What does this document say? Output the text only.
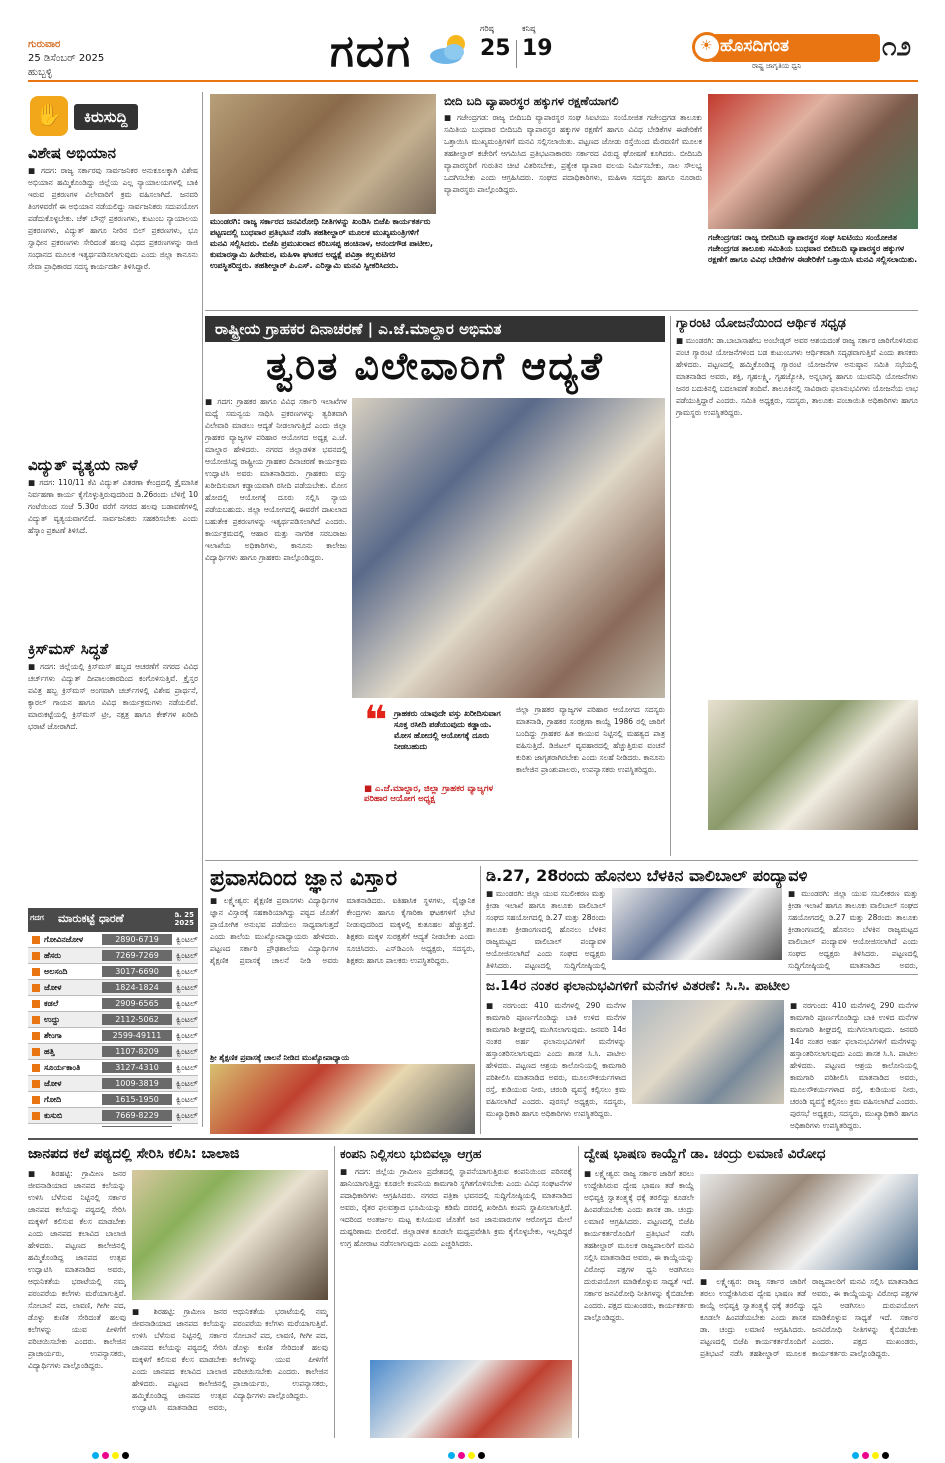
ಗುರುವಾರ
25 ಡಿಸೆಂಬರ್ 2025
ಹುಬ್ಬಳ್ಳಿ	ಗದಗ	ಗರಿಷ್ಠ
25
ಕನಿಷ್ಠ
19	☀ ಹೊಸದಿಗಂತ
ರಾಷ್ಟ್ರ ಜಾಗೃತಿಯ ಧ್ವನಿ
೧೨
✋	ಕಿರುಸುದ್ದಿ
ವಿಶೇಷ ಅಭಿಯಾನ

■ ಗದಗ: ರಾಜ್ಯ ಸರ್ಕಾರವು ಸಾರ್ವಜನಿಕರ ಅನುಕೂಲಕ್ಕಾಗಿ ವಿಶೇಷ ಅಭಿಯಾನ ಹಮ್ಮಿಕೊಂಡಿದ್ದು ಜಿಲ್ಲೆಯ ಎಲ್ಲ ನ್ಯಾಯಾಲಯಗಳಲ್ಲಿ ಬಾಕಿ ಇರುವ ಪ್ರಕರಣಗಳ ವಿಲೇವಾರಿಗೆ ಕ್ರಮ ವಹಿಸಲಾಗಿದೆ. ಜನವರಿ ತಿಂಗಳವರೆಗೆ ಈ ಅಭಿಯಾನ ನಡೆಯಲಿದ್ದು ಸಾರ್ವಜನಿಕರು ಸದುಪಯೋಗ ಪಡೆದುಕೊಳ್ಳಬೇಕು. ಚೆಕ್ ಬೌನ್ಸ್ ಪ್ರಕರಣಗಳು, ಕುಟುಂಬ ನ್ಯಾಯಾಲಯ ಪ್ರಕರಣಗಳು, ವಿದ್ಯುತ್ ಹಾಗೂ ನೀರಿನ ಬಿಲ್ ಪ್ರಕರಣಗಳು, ಭೂ ಸ್ವಾಧೀನ ಪ್ರಕರಣಗಳು ಸೇರಿದಂತೆ ಹಲವು ವಿಧದ ಪ್ರಕರಣಗಳನ್ನು ರಾಜಿ ಸಂಧಾನದ ಮೂಲಕ ಇತ್ಯರ್ಥಪಡಿಸಲಾಗುವುದು ಎಂದು ಜಿಲ್ಲಾ ಕಾನೂನು ಸೇವಾ ಪ್ರಾಧಿಕಾರದ ಸದಸ್ಯ ಕಾರ್ಯದರ್ಶಿ ತಿಳಿಸಿದ್ದಾರೆ.

ವಿದ್ಯುತ್ ವ್ಯತ್ಯಯ ನಾಳೆ

■ ಗದಗ: 110/11 ಕೆವಿ ವಿದ್ಯುತ್ ವಿತರಣಾ ಕೇಂದ್ರದಲ್ಲಿ ತ್ರೈಮಾಸಿಕ ನಿರ್ವಹಣಾ ಕಾರ್ಯ ಕೈಗೊಳ್ಳುತ್ತಿರುವುದರಿಂದ ಡಿ.26ರಂದು ಬೆಳಿಗ್ಗೆ 10 ಗಂಟೆಯಿಂದ ಸಂಜೆ 5.30ರ ವರೆಗೆ ನಗರದ ಹಲವು ಬಡಾವಣೆಗಳಲ್ಲಿ ವಿದ್ಯುತ್ ವ್ಯತ್ಯಯವಾಗಲಿದೆ. ಸಾರ್ವಜನಿಕರು ಸಹಕರಿಸಬೇಕು ಎಂದು ಹೆಸ್ಕಾಂ ಪ್ರಕಟಣೆ ತಿಳಿಸಿದೆ.

ಕ್ರಿಸ್‌ಮಸ್ ಸಿದ್ಧತೆ

■ ಗದಗ: ಜಿಲ್ಲೆಯಲ್ಲಿ ಕ್ರಿಸ್‌ಮಸ್ ಹಬ್ಬದ ಆಚರಣೆಗೆ ನಗರದ ವಿವಿಧ ಚರ್ಚ್‌ಗಳು ವಿದ್ಯುತ್ ದೀಪಾಲಂಕಾರದಿಂದ ಕಂಗೊಳಿಸುತ್ತಿವೆ. ಕ್ರೈಸ್ತರ ಪವಿತ್ರ ಹಬ್ಬ ಕ್ರಿಸ್‌ಮಸ್ ಅಂಗವಾಗಿ ಚರ್ಚ್‌ಗಳಲ್ಲಿ ವಿಶೇಷ ಪ್ರಾರ್ಥನೆ, ಕ್ಯಾರಲ್ ಗಾಯನ ಹಾಗೂ ವಿವಿಧ ಕಾರ್ಯಕ್ರಮಗಳು ನಡೆಯಲಿವೆ. ಮಾರುಕಟ್ಟೆಯಲ್ಲಿ ಕ್ರಿಸ್‌ಮಸ್ ಟ್ರೀ, ನಕ್ಷತ್ರ ಹಾಗೂ ಕೇಕ್‌ಗಳ ಖರೀದಿ ಭರಾಟೆ ಜೋರಾಗಿದೆ.

ಗದಗ ಮಾರುಕಟ್ಟೆ ಧಾರಣೆ	ಡಿ. 25
2025
ಗೋವಿನಜೋಳ	2890-6719	ಕ್ವಿಂಟಲ್
ಹೆಸರು	7269-7269	ಕ್ವಿಂಟಲ್
ಅಲಸಂದಿ	3017-6690	ಕ್ವಿಂಟಲ್
ಜೋಳ	1824-1824	ಕ್ವಿಂಟಲ್
ಕಡಲೆ	2909-6565	ಕ್ವಿಂಟಲ್
ಉದ್ದು	2112-5062	ಕ್ವಿಂಟಲ್
ಶೇಂಗಾ	2599-49111	ಕ್ವಿಂಟಲ್
ಹತ್ತಿ	1107-8209	ಕ್ವಿಂಟಲ್
ಸೂರ್ಯಕಾಂತಿ	3127-4310	ಕ್ವಿಂಟಲ್
ಜೋಳ	1009-3819	ಕ್ವಿಂಟಲ್
ಗೋದಿ	1615-1950	ಕ್ವಿಂಟಲ್
ಕುಸುಬಿ	7669-8229	ಕ್ವಿಂಟಲ್
ಮುಂಡರಗಿ: ರಾಜ್ಯ ಸರ್ಕಾರದ ಜನವಿರೋಧಿ ನೀತಿಗಳನ್ನು ಖಂಡಿಸಿ ಬಿಜೆಪಿ ಕಾರ್ಯಕರ್ತರು ಪಟ್ಟಣದಲ್ಲಿ ಬುಧವಾರ ಪ್ರತಿಭಟನೆ ನಡೆಸಿ ತಹಶೀಲ್ದಾರ್ ಮೂಲಕ ಮುಖ್ಯಮಂತ್ರಿಗಳಿಗೆ ಮನವಿ ಸಲ್ಲಿಸಿದರು. ಬಿಜೆಪಿ ಪ್ರಮುಖರಾದ ಕರಿಬಸಪ್ಪ ಹಂಚಿನಾಳ, ಆನಂದಗೌಡ ಪಾಟೀಲ, ಕುಮಾರಸ್ವಾಮಿ ಹಿರೇಮಠ, ಮಹಿಳಾ ಘಟಕದ ಅಧ್ಯಕ್ಷೆ ಪವಿತ್ರಾ ಕಲ್ಲಕುಟಿಗರ ಉಪಸ್ಥಿತರಿದ್ದರು. ತಹಶೀಲ್ದಾರ್ ಪಿ.ಎಸ್. ಎರಿಸ್ವಾಮಿ ಮನವಿ ಸ್ವೀಕರಿಸಿದರು.
ಬೀದಿ ಬದಿ ವ್ಯಾಪಾರಸ್ಥರ ಹಕ್ಕುಗಳ ರಕ್ಷಣೆಯಾಗಲಿ
■ ಗಜೇಂದ್ರಗಡ: ರಾಜ್ಯ ಬೀದಿಬದಿ ವ್ಯಾಪಾರಸ್ಥರ ಸಂಘ ಸಿಐಟಿಯು ಸಂಯೋಜಿತ ಗಜೇಂದ್ರಗಡ ತಾಲೂಕು ಸಮಿತಿಯ ಬುಧವಾರ ಬೀದಿಬದಿ ವ್ಯಾಪಾರಸ್ಥರ ಹಕ್ಕುಗಳ ರಕ್ಷಣೆಗೆ ಹಾಗೂ ವಿವಿಧ ಬೇಡಿಕೆಗಳ ಈಡೇರಿಕೆಗೆ ಒತ್ತಾಯಿಸಿ ಮುಖ್ಯಮಂತ್ರಿಗಳಿಗೆ ಮನವಿ ಸಲ್ಲಿಸಲಾಯಿತು. ಪಟ್ಟಣದ ಜೋಡು ರಸ್ತೆಯಿಂದ ಮೆರವಣಿಗೆ ಮೂಲಕ ತಹಶೀಲ್ದಾರ್ ಕಚೇರಿಗೆ ಆಗಮಿಸಿದ ಪ್ರತಿಭಟನಾಕಾರರು ಸರ್ಕಾರದ ವಿರುದ್ಧ ಘೋಷಣೆ ಕೂಗಿದರು. ಬೀದಿಬದಿ ವ್ಯಾಪಾರಸ್ಥರಿಗೆ ಗುರುತಿನ ಚೀಟಿ ವಿತರಿಸಬೇಕು, ಪ್ರತ್ಯೇಕ ವ್ಯಾಪಾರ ವಲಯ ನಿರ್ಮಿಸಬೇಕು, ಸಾಲ ಸೌಲಭ್ಯ ಒದಗಿಸಬೇಕು ಎಂದು ಆಗ್ರಹಿಸಿದರು. ಸಂಘದ ಪದಾಧಿಕಾರಿಗಳು, ಮಹಿಳಾ ಸದಸ್ಯರು ಹಾಗೂ ನೂರಾರು ವ್ಯಾಪಾರಸ್ಥರು ಪಾಲ್ಗೊಂಡಿದ್ದರು.
ಗಜೇಂದ್ರಗಡ: ರಾಜ್ಯ ಬೀದಿಬದಿ ವ್ಯಾಪಾರಸ್ಥರ ಸಂಘ ಸಿಐಟಿಯು ಸಂಯೋಜಿತ ಗಜೇಂದ್ರಗಡ ತಾಲೂಕು ಸಮಿತಿಯ ಬುಧವಾರ ಬೀದಿಬದಿ ವ್ಯಾಪಾರಸ್ಥರ ಹಕ್ಕುಗಳ ರಕ್ಷಣೆಗೆ ಹಾಗೂ ವಿವಿಧ ಬೇಡಿಕೆಗಳ ಈಡೇರಿಕೆಗೆ ಒತ್ತಾಯಿಸಿ ಮನವಿ ಸಲ್ಲಿಸಲಾಯಿತು.
ರಾಷ್ಟ್ರೀಯ ಗ್ರಾಹಕರ ದಿನಾಚರಣೆ | ಎ.ಜೆ.ಮಾಲ್ದಾರ ಅಭಿಮತ
ತ್ವರಿತ ವಿಲೇವಾರಿಗೆ ಆದ್ಯತೆ
■ ಗದಗ: ಗ್ರಾಹಕರ ಹಾಗೂ ವಿವಿಧ ಸರ್ಕಾರಿ ಇಲಾಖೆಗಳ ಮಧ್ಯೆ ಸಮನ್ವಯ ಸಾಧಿಸಿ ಪ್ರಕರಣಗಳನ್ನು ತ್ವರಿತವಾಗಿ ವಿಲೇವಾರಿ ಮಾಡಲು ಆದ್ಯತೆ ನೀಡಲಾಗುತ್ತಿದೆ ಎಂದು ಜಿಲ್ಲಾ ಗ್ರಾಹಕರ ವ್ಯಾಜ್ಯಗಳ ಪರಿಹಾರ ಆಯೋಗದ ಅಧ್ಯಕ್ಷ ಎ.ಜೆ. ಮಾಲ್ದಾರ ಹೇಳಿದರು. ನಗರದ ಜಿಲ್ಲಾಡಳಿತ ಭವನದಲ್ಲಿ ಆಯೋಜಿಸಿದ್ದ ರಾಷ್ಟ್ರೀಯ ಗ್ರಾಹಕರ ದಿನಾಚರಣೆ ಕಾರ್ಯಕ್ರಮ ಉದ್ಘಾಟಿಸಿ ಅವರು ಮಾತನಾಡಿದರು. ಗ್ರಾಹಕರು ವಸ್ತು ಖರೀದಿಸುವಾಗ ಕಡ್ಡಾಯವಾಗಿ ರಸೀದಿ ಪಡೆಯಬೇಕು. ಮೋಸ ಹೋದಲ್ಲಿ ಆಯೋಗಕ್ಕೆ ದೂರು ಸಲ್ಲಿಸಿ ನ್ಯಾಯ ಪಡೆಯಬಹುದು. ಜಿಲ್ಲಾ ಆಯೋಗದಲ್ಲಿ ಈವರೆಗೆ ದಾಖಲಾದ ಬಹುತೇಕ ಪ್ರಕರಣಗಳನ್ನು ಇತ್ಯರ್ಥಪಡಿಸಲಾಗಿದೆ ಎಂದರು. ಕಾರ್ಯಕ್ರಮದಲ್ಲಿ ಆಹಾರ ಮತ್ತು ನಾಗರಿಕ ಸರಬರಾಜು ಇಲಾಖೆಯ ಅಧಿಕಾರಿಗಳು, ಕಾನೂನು ಕಾಲೇಜು ವಿದ್ಯಾರ್ಥಿಗಳು ಹಾಗೂ ಗ್ರಾಹಕರು ಪಾಲ್ಗೊಂಡಿದ್ದರು.
❝ ಗ್ರಾಹಕರು ಯಾವುದೇ ವಸ್ತು ಖರೀದಿಸುವಾಗ ಸೂಕ್ತ ರಸೀದಿ ಪಡೆಯುವುದು ಕಡ್ಡಾಯ. ಮೋಸ ಹೋದಲ್ಲಿ ಆಯೋಗಕ್ಕೆ ದೂರು ನೀಡಬಹುದು
■ ಎ.ಜೆ.ಮಾಲ್ದಾರ, ಜಿಲ್ಲಾ ಗ್ರಾಹಕರ ವ್ಯಾಜ್ಯಗಳ ಪರಿಹಾರ ಆಯೋಗ ಅಧ್ಯಕ್ಷ
ಜಿಲ್ಲಾ ಗ್ರಾಹಕರ ವ್ಯಾಜ್ಯಗಳ ಪರಿಹಾರ ಆಯೋಗದ ಸದಸ್ಯರು ಮಾತನಾಡಿ, ಗ್ರಾಹಕರ ಸಂರಕ್ಷಣಾ ಕಾಯ್ದೆ 1986 ರಲ್ಲಿ ಜಾರಿಗೆ ಬಂದಿದ್ದು ಗ್ರಾಹಕರ ಹಿತ ಕಾಯುವ ನಿಟ್ಟಿನಲ್ಲಿ ಮಹತ್ವದ ಪಾತ್ರ ವಹಿಸುತ್ತಿದೆ. ಡಿಜಿಟಲ್ ವ್ಯವಹಾರದಲ್ಲಿ ಹೆಚ್ಚುತ್ತಿರುವ ವಂಚನೆ ಕುರಿತು ಜಾಗೃತರಾಗಿರಬೇಕು ಎಂದು ಸಲಹೆ ನೀಡಿದರು. ಕಾನೂನು ಕಾಲೇಜಿನ ಪ್ರಾಂಶುಪಾಲರು, ಉಪನ್ಯಾಸಕರು ಉಪಸ್ಥಿತರಿದ್ದರು.
ಗ್ಯಾರಂಟಿ ಯೋಜನೆಯಿಂದ ಆರ್ಥಿಕ ಸಧೃಢ
■ ಮುಂಡರಗಿ: ಡಾ.ಬಾಬಾಸಾಹೇಬ ಅಂಬೇಡ್ಕರ್ ಅವರ ಆಶಯದಂತೆ ರಾಜ್ಯ ಸರ್ಕಾರ ಜಾರಿಗೊಳಿಸಿರುವ ಪಂಚ ಗ್ಯಾರಂಟಿ ಯೋಜನೆಗಳಿಂದ ಬಡ ಕುಟುಂಬಗಳು ಆರ್ಥಿಕವಾಗಿ ಸದೃಢವಾಗುತ್ತಿವೆ ಎಂದು ಶಾಸಕರು ಹೇಳಿದರು. ಪಟ್ಟಣದಲ್ಲಿ ಹಮ್ಮಿಕೊಂಡಿದ್ದ ಗ್ಯಾರಂಟಿ ಯೋಜನೆಗಳ ಅನುಷ್ಠಾನ ಸಮಿತಿ ಸಭೆಯಲ್ಲಿ ಮಾತನಾಡಿದ ಅವರು, ಶಕ್ತಿ, ಗೃಹಲಕ್ಷ್ಮಿ, ಗೃಹಜ್ಯೋತಿ, ಅನ್ನಭಾಗ್ಯ ಹಾಗೂ ಯುವನಿಧಿ ಯೋಜನೆಗಳು ಜನರ ಬದುಕಿನಲ್ಲಿ ಬದಲಾವಣೆ ತಂದಿವೆ. ತಾಲೂಕಿನಲ್ಲಿ ಸಾವಿರಾರು ಫಲಾನುಭವಿಗಳು ಯೋಜನೆಯ ಲಾಭ ಪಡೆಯುತ್ತಿದ್ದಾರೆ ಎಂದರು. ಸಮಿತಿ ಅಧ್ಯಕ್ಷರು, ಸದಸ್ಯರು, ತಾಲೂಕು ಪಂಚಾಯಿತಿ ಅಧಿಕಾರಿಗಳು ಹಾಗೂ ಗ್ರಾಮಸ್ಥರು ಉಪಸ್ಥಿತರಿದ್ದರು.
ಪ್ರವಾಸದಿಂದ ಜ್ಞಾನ ವಿಸ್ತಾರ
■ ಲಕ್ಷ್ಮೇಶ್ವರ: ಶೈಕ್ಷಣಿಕ ಪ್ರವಾಸಗಳು ವಿದ್ಯಾರ್ಥಿಗಳ ಜ್ಞಾನ ವಿಸ್ತಾರಕ್ಕೆ ಸಹಕಾರಿಯಾಗಿದ್ದು ಪಠ್ಯದ ಜೊತೆಗೆ ಪ್ರಾಯೋಗಿಕ ಅನುಭವ ಪಡೆಯಲು ಸಾಧ್ಯವಾಗುತ್ತದೆ ಎಂದು ಶಾಲೆಯ ಮುಖ್ಯೋಪಾಧ್ಯಾಯರು ಹೇಳಿದರು. ಪಟ್ಟಣದ ಸರ್ಕಾರಿ ಪ್ರೌಢಶಾಲೆಯ ವಿದ್ಯಾರ್ಥಿಗಳ ಶೈಕ್ಷಣಿಕ ಪ್ರವಾಸಕ್ಕೆ ಚಾಲನೆ ನೀಡಿ ಅವರು ಮಾತನಾಡಿದರು. ಐತಿಹಾಸಿಕ ಸ್ಥಳಗಳು, ವೈಜ್ಞಾನಿಕ ಕೇಂದ್ರಗಳು ಹಾಗೂ ಕೈಗಾರಿಕಾ ಘಟಕಗಳಿಗೆ ಭೇಟಿ ನೀಡುವುದರಿಂದ ಮಕ್ಕಳಲ್ಲಿ ಕುತೂಹಲ ಹೆಚ್ಚುತ್ತದೆ. ಶಿಕ್ಷಕರು ಮಕ್ಕಳ ಸುರಕ್ಷತೆಗೆ ಆದ್ಯತೆ ನೀಡಬೇಕು ಎಂದು ಸೂಚಿಸಿದರು. ಎಸ್‌ಡಿಎಂಸಿ ಅಧ್ಯಕ್ಷರು, ಸದಸ್ಯರು, ಶಿಕ್ಷಕರು ಹಾಗೂ ಪಾಲಕರು ಉಪಸ್ಥಿತರಿದ್ದರು.
ಶ್ರೀ ಶೈಕ್ಷಣಿಕ ಪ್ರವಾಸಕ್ಕೆ ಚಾಲನೆ ನೀಡಿದ ಮುಖ್ಯೋಪಾಧ್ಯಾಯ
ಡಿ.27, 28ರಂದು ಹೊನಲು ಬೆಳಕಿನ ವಾಲಿಬಾಲ್ ಪಂದ್ಯಾವಳಿ
■ ಮುಂಡರಗಿ: ಜಿಲ್ಲಾ ಯುವ ಸಬಲೀಕರಣ ಮತ್ತು ಕ್ರೀಡಾ ಇಲಾಖೆ ಹಾಗೂ ತಾಲೂಕು ವಾಲಿಬಾಲ್ ಸಂಘದ ಸಹಯೋಗದಲ್ಲಿ ಡಿ.27 ಮತ್ತು 28ರಂದು ತಾಲೂಕು ಕ್ರೀಡಾಂಗಣದಲ್ಲಿ ಹೊನಲು ಬೆಳಕಿನ ರಾಜ್ಯಮಟ್ಟದ ವಾಲಿಬಾಲ್ ಪಂದ್ಯಾವಳಿ ಆಯೋಜಿಸಲಾಗಿದೆ ಎಂದು ಸಂಘದ ಅಧ್ಯಕ್ಷರು ತಿಳಿಸಿದರು. ಪಟ್ಟಣದಲ್ಲಿ ಸುದ್ದಿಗೋಷ್ಠಿಯಲ್ಲಿ
■ ಮುಂಡರಗಿ: ಜಿಲ್ಲಾ ಯುವ ಸಬಲೀಕರಣ ಮತ್ತು ಕ್ರೀಡಾ ಇಲಾಖೆ ಹಾಗೂ ತಾಲೂಕು ವಾಲಿಬಾಲ್ ಸಂಘದ ಸಹಯೋಗದಲ್ಲಿ ಡಿ.27 ಮತ್ತು 28ರಂದು ತಾಲೂಕು ಕ್ರೀಡಾಂಗಣದಲ್ಲಿ ಹೊನಲು ಬೆಳಕಿನ ರಾಜ್ಯಮಟ್ಟದ ವಾಲಿಬಾಲ್ ಪಂದ್ಯಾವಳಿ ಆಯೋಜಿಸಲಾಗಿದೆ ಎಂದು ಸಂಘದ ಅಧ್ಯಕ್ಷರು ತಿಳಿಸಿದರು. ಪಟ್ಟಣದಲ್ಲಿ ಸುದ್ದಿಗೋಷ್ಠಿಯಲ್ಲಿ ಮಾತನಾಡಿದ ಅವರು,
ಜ.14ರ ನಂತರ ಫಲಾನುಭವಿಗಳಿಗೆ ಮನೆಗಳ ವಿತರಣೆ: ಸಿ.ಸಿ. ಪಾಟೀಲ
■ ನರಗುಂದ: 410 ಮನೆಗಳಲ್ಲಿ 290 ಮನೆಗಳ ಕಾಮಗಾರಿ ಪೂರ್ಣಗೊಂಡಿದ್ದು ಬಾಕಿ ಉಳಿದ ಮನೆಗಳ ಕಾಮಗಾರಿ ಶೀಘ್ರದಲ್ಲಿ ಮುಗಿಸಲಾಗುವುದು. ಜನವರಿ 14ರ ನಂತರ ಅರ್ಹ ಫಲಾನುಭವಿಗಳಿಗೆ ಮನೆಗಳನ್ನು ಹಸ್ತಾಂತರಿಸಲಾಗುವುದು ಎಂದು ಶಾಸಕ ಸಿ.ಸಿ. ಪಾಟೀಲ ಹೇಳಿದರು. ಪಟ್ಟಣದ ಆಶ್ರಯ ಕಾಲೋನಿಯಲ್ಲಿ ಕಾಮಗಾರಿ ಪರಿಶೀಲಿಸಿ ಮಾತನಾಡಿದ ಅವರು, ಮೂಲಸೌಕರ್ಯಗಳಾದ ರಸ್ತೆ, ಕುಡಿಯುವ ನೀರು, ಚರಂಡಿ ವ್ಯವಸ್ಥೆ ಕಲ್ಪಿಸಲು ಕ್ರಮ ವಹಿಸಲಾಗಿದೆ ಎಂದರು. ಪುರಸಭೆ ಅಧ್ಯಕ್ಷರು, ಸದಸ್ಯರು, ಮುಖ್ಯಾಧಿಕಾರಿ ಹಾಗೂ ಅಧಿಕಾರಿಗಳು ಉಪಸ್ಥಿತರಿದ್ದರು.
■ ನರಗುಂದ: 410 ಮನೆಗಳಲ್ಲಿ 290 ಮನೆಗಳ ಕಾಮಗಾರಿ ಪೂರ್ಣಗೊಂಡಿದ್ದು ಬಾಕಿ ಉಳಿದ ಮನೆಗಳ ಕಾಮಗಾರಿ ಶೀಘ್ರದಲ್ಲಿ ಮುಗಿಸಲಾಗುವುದು. ಜನವರಿ 14ರ ನಂತರ ಅರ್ಹ ಫಲಾನುಭವಿಗಳಿಗೆ ಮನೆಗಳನ್ನು ಹಸ್ತಾಂತರಿಸಲಾಗುವುದು ಎಂದು ಶಾಸಕ ಸಿ.ಸಿ. ಪಾಟೀಲ ಹೇಳಿದರು. ಪಟ್ಟಣದ ಆಶ್ರಯ ಕಾಲೋನಿಯಲ್ಲಿ ಕಾಮಗಾರಿ ಪರಿಶೀಲಿಸಿ ಮಾತನಾಡಿದ ಅವರು, ಮೂಲಸೌಕರ್ಯಗಳಾದ ರಸ್ತೆ, ಕುಡಿಯುವ ನೀರು, ಚರಂಡಿ ವ್ಯವಸ್ಥೆ ಕಲ್ಪಿಸಲು ಕ್ರಮ ವಹಿಸಲಾಗಿದೆ ಎಂದರು. ಪುರಸಭೆ ಅಧ್ಯಕ್ಷರು, ಸದಸ್ಯರು, ಮುಖ್ಯಾಧಿಕಾರಿ ಹಾಗೂ ಅಧಿಕಾರಿಗಳು ಉಪಸ್ಥಿತರಿದ್ದರು.
ಜಾನಪದ ಕಲೆ ಪಠ್ಯದಲ್ಲಿ ಸೇರಿಸಿ ಕಲಿಸಿ: ಬಾಲಾಜಿ
■ ಶಿರಹಟ್ಟಿ: ಗ್ರಾಮೀಣ ಜನರ ಜೀವನಾಡಿಯಾದ ಜಾನಪದ ಕಲೆಯನ್ನು ಉಳಿಸಿ ಬೆಳೆಸುವ ನಿಟ್ಟಿನಲ್ಲಿ ಸರ್ಕಾರ ಜಾನಪದ ಕಲೆಯನ್ನು ಪಠ್ಯದಲ್ಲಿ ಸೇರಿಸಿ ಮಕ್ಕಳಿಗೆ ಕಲಿಸುವ ಕೆಲಸ ಮಾಡಬೇಕು ಎಂದು ಜಾನಪದ ಕಲಾವಿದ ಬಾಲಾಜಿ ಹೇಳಿದರು. ಪಟ್ಟಣದ ಕಾಲೇಜಿನಲ್ಲಿ ಹಮ್ಮಿಕೊಂಡಿದ್ದ ಜಾನಪದ ಉತ್ಸವ ಉದ್ಘಾಟಿಸಿ ಮಾತನಾಡಿದ ಅವರು, ಆಧುನಿಕತೆಯ ಭರಾಟೆಯಲ್ಲಿ ನಮ್ಮ ಪರಂಪರೆಯ ಕಲೆಗಳು ಮರೆಯಾಗುತ್ತಿವೆ. ಸೋಬಾನೆ ಪದ, ಲಾವಣಿ, ಗೀಗೀ ಪದ, ಡೊಳ್ಳು ಕುಣಿತ ಸೇರಿದಂತೆ ಹಲವು ಕಲೆಗಳನ್ನು ಯುವ ಪೀಳಿಗೆಗೆ ಪರಿಚಯಿಸಬೇಕು ಎಂದರು. ಕಾಲೇಜಿನ ಪ್ರಾಚಾರ್ಯರು, ಉಪನ್ಯಾಸಕರು, ವಿದ್ಯಾರ್ಥಿಗಳು ಪಾಲ್ಗೊಂಡಿದ್ದರು.
■ ಶಿರಹಟ್ಟಿ: ಗ್ರಾಮೀಣ ಜನರ ಜೀವನಾಡಿಯಾದ ಜಾನಪದ ಕಲೆಯನ್ನು ಉಳಿಸಿ ಬೆಳೆಸುವ ನಿಟ್ಟಿನಲ್ಲಿ ಸರ್ಕಾರ ಜಾನಪದ ಕಲೆಯನ್ನು ಪಠ್ಯದಲ್ಲಿ ಸೇರಿಸಿ ಮಕ್ಕಳಿಗೆ ಕಲಿಸುವ ಕೆಲಸ ಮಾಡಬೇಕು ಎಂದು ಜಾನಪದ ಕಲಾವಿದ ಬಾಲಾಜಿ ಹೇಳಿದರು. ಪಟ್ಟಣದ ಕಾಲೇಜಿನಲ್ಲಿ ಹಮ್ಮಿಕೊಂಡಿದ್ದ ಜಾನಪದ ಉತ್ಸವ ಉದ್ಘಾಟಿಸಿ ಮಾತನಾಡಿದ ಅವರು, ಆಧುನಿಕತೆಯ ಭರಾಟೆಯಲ್ಲಿ ನಮ್ಮ ಪರಂಪರೆಯ ಕಲೆಗಳು ಮರೆಯಾಗುತ್ತಿವೆ. ಸೋಬಾನೆ ಪದ, ಲಾವಣಿ, ಗೀಗೀ ಪದ, ಡೊಳ್ಳು ಕುಣಿತ ಸೇರಿದಂತೆ ಹಲವು ಕಲೆಗಳನ್ನು ಯುವ ಪೀಳಿಗೆಗೆ ಪರಿಚಯಿಸಬೇಕು ಎಂದರು. ಕಾಲೇಜಿನ ಪ್ರಾಚಾರ್ಯರು, ಉಪನ್ಯಾಸಕರು, ವಿದ್ಯಾರ್ಥಿಗಳು ಪಾಲ್ಗೊಂಡಿದ್ದರು.
ಕಂಪನಿ ನಿಲ್ಲಿಸಲು ಭುಬಿವಲ್ಲಾ ಆಗ್ರಹ
■ ಗದಗ: ಜಿಲ್ಲೆಯ ಗ್ರಾಮೀಣ ಪ್ರದೇಶದಲ್ಲಿ ಸ್ಥಾಪನೆಯಾಗುತ್ತಿರುವ ಕಂಪನಿಯಿಂದ ಪರಿಸರಕ್ಕೆ ಹಾನಿಯಾಗುತ್ತಿದ್ದು ಕೂಡಲೇ ಕಂಪನಿಯ ಕಾಮಗಾರಿ ಸ್ಥಗಿತಗೊಳಿಸಬೇಕು ಎಂದು ವಿವಿಧ ಸಂಘಟನೆಗಳ ಪದಾಧಿಕಾರಿಗಳು ಆಗ್ರಹಿಸಿದರು. ನಗರದ ಪತ್ರಿಕಾ ಭವನದಲ್ಲಿ ಸುದ್ದಿಗೋಷ್ಠಿಯಲ್ಲಿ ಮಾತನಾಡಿದ ಅವರು, ರೈತರ ಫಲವತ್ತಾದ ಭೂಮಿಯನ್ನು ಕಡಿಮೆ ದರದಲ್ಲಿ ಖರೀದಿಸಿ ಕಂಪನಿ ಸ್ಥಾಪಿಸಲಾಗುತ್ತಿದೆ. ಇದರಿಂದ ಅಂತರ್ಜಲ ಮಟ್ಟ ಕುಸಿಯುವ ಜೊತೆಗೆ ಜನ ಜಾನುವಾರುಗಳ ಆರೋಗ್ಯದ ಮೇಲೆ ದುಷ್ಪರಿಣಾಮ ಬೀರಲಿದೆ. ಜಿಲ್ಲಾಡಳಿತ ಕೂಡಲೇ ಮಧ್ಯಪ್ರವೇಶಿಸಿ ಕ್ರಮ ಕೈಗೊಳ್ಳಬೇಕು, ಇಲ್ಲದಿದ್ದರೆ ಉಗ್ರ ಹೋರಾಟ ನಡೆಸಲಾಗುವುದು ಎಂದು ಎಚ್ಚರಿಸಿದರು.
ದ್ವೇಷ ಭಾಷಣ ಕಾಯ್ದೆಗೆ ಡಾ. ಚಂದ್ರು ಲಮಾಣಿ ವಿರೋಧ
■ ಲಕ್ಷ್ಮೇಶ್ವರ: ರಾಜ್ಯ ಸರ್ಕಾರ ಜಾರಿಗೆ ತರಲು ಉದ್ದೇಶಿಸಿರುವ ದ್ವೇಷ ಭಾಷಣ ತಡೆ ಕಾಯ್ದೆ ಅಭಿವ್ಯಕ್ತಿ ಸ್ವಾತಂತ್ರ್ಯಕ್ಕೆ ಧಕ್ಕೆ ತರಲಿದ್ದು ಕೂಡಲೇ ಹಿಂಪಡೆಯಬೇಕು ಎಂದು ಶಾಸಕ ಡಾ. ಚಂದ್ರು ಲಮಾಣಿ ಆಗ್ರಹಿಸಿದರು. ಪಟ್ಟಣದಲ್ಲಿ ಬಿಜೆಪಿ ಕಾರ್ಯಕರ್ತರೊಂದಿಗೆ ಪ್ರತಿಭಟನೆ ನಡೆಸಿ ತಹಶೀಲ್ದಾರ್ ಮೂಲಕ ರಾಜ್ಯಪಾಲರಿಗೆ ಮನವಿ ಸಲ್ಲಿಸಿ ಮಾತನಾಡಿದ ಅವರು, ಈ ಕಾಯ್ದೆಯನ್ನು ವಿರೋಧ ಪಕ್ಷಗಳ ಧ್ವನಿ ಅಡಗಿಸಲು ದುರುಪಯೋಗ ಮಾಡಿಕೊಳ್ಳುವ ಸಾಧ್ಯತೆ ಇದೆ. ಸರ್ಕಾರ ಜನವಿರೋಧಿ ನೀತಿಗಳನ್ನು ಕೈಬಿಡಬೇಕು ಎಂದರು. ಪಕ್ಷದ ಮುಖಂಡರು, ಕಾರ್ಯಕರ್ತರು ಪಾಲ್ಗೊಂಡಿದ್ದರು.
■ ಲಕ್ಷ್ಮೇಶ್ವರ: ರಾಜ್ಯ ಸರ್ಕಾರ ಜಾರಿಗೆ ತರಲು ಉದ್ದೇಶಿಸಿರುವ ದ್ವೇಷ ಭಾಷಣ ತಡೆ ಕಾಯ್ದೆ ಅಭಿವ್ಯಕ್ತಿ ಸ್ವಾತಂತ್ರ್ಯಕ್ಕೆ ಧಕ್ಕೆ ತರಲಿದ್ದು ಕೂಡಲೇ ಹಿಂಪಡೆಯಬೇಕು ಎಂದು ಶಾಸಕ ಡಾ. ಚಂದ್ರು ಲಮಾಣಿ ಆಗ್ರಹಿಸಿದರು. ಪಟ್ಟಣದಲ್ಲಿ ಬಿಜೆಪಿ ಕಾರ್ಯಕರ್ತರೊಂದಿಗೆ ಪ್ರತಿಭಟನೆ ನಡೆಸಿ ತಹಶೀಲ್ದಾರ್ ಮೂಲಕ ರಾಜ್ಯಪಾಲರಿಗೆ ಮನವಿ ಸಲ್ಲಿಸಿ ಮಾತನಾಡಿದ ಅವರು, ಈ ಕಾಯ್ದೆಯನ್ನು ವಿರೋಧ ಪಕ್ಷಗಳ ಧ್ವನಿ ಅಡಗಿಸಲು ದುರುಪಯೋಗ ಮಾಡಿಕೊಳ್ಳುವ ಸಾಧ್ಯತೆ ಇದೆ. ಸರ್ಕಾರ ಜನವಿರೋಧಿ ನೀತಿಗಳನ್ನು ಕೈಬಿಡಬೇಕು ಎಂದರು. ಪಕ್ಷದ ಮುಖಂಡರು, ಕಾರ್ಯಕರ್ತರು ಪಾಲ್ಗೊಂಡಿದ್ದರು.
